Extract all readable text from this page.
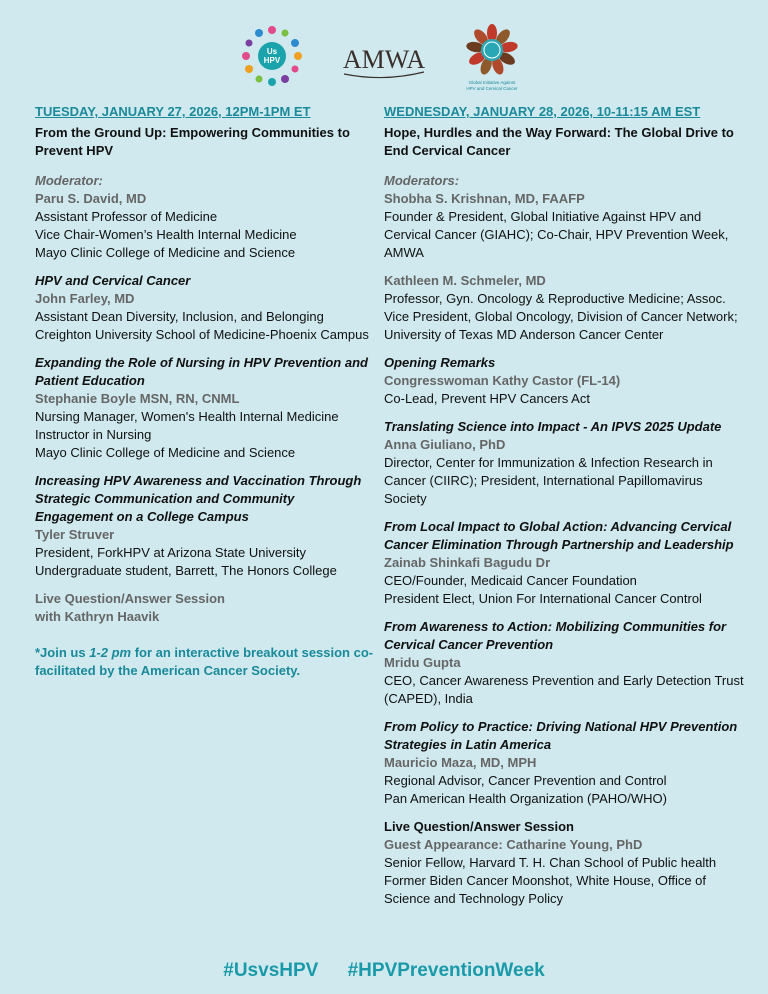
Us
HPV AMWA
Global Initiative Against
HPV and Cervical Cancer
TUESDAY, JANUARY 27, 2026, 12PM-1PM ET
From the Ground Up: Empowering Communities to Prevent HPV
Moderator:
Paru S. David, MD
Assistant Professor of Medicine
Vice Chair-Women’s Health Internal Medicine
Mayo Clinic College of Medicine and Science
HPV and Cervical Cancer
John Farley, MD
Assistant Dean Diversity, Inclusion, and Belonging
Creighton University School of Medicine-Phoenix Campus
Expanding the Role of Nursing in HPV Prevention and Patient Education
Stephanie Boyle MSN, RN, CNML
Nursing Manager, Women's Health Internal Medicine
Instructor in Nursing
Mayo Clinic College of Medicine and Science
Increasing HPV Awareness and Vaccination Through Strategic Communication and Community Engagement on a College Campus
Tyler Struver
President, ForkHPV at Arizona State University
Undergraduate student, Barrett, The Honors College
Live Question/Answer Session
with Kathryn Haavik
*Join us 1-2 pm for an interactive breakout session co-facilitated by the American Cancer Society.
WEDNESDAY, JANUARY 28, 2026, 10-11:15 AM EST
Hope, Hurdles and the Way Forward: The Global Drive to End Cervical Cancer
Moderators:
Shobha S. Krishnan, MD, FAAFP
Founder & President, Global Initiative Against HPV and Cervical Cancer (GIAHC); Co-Chair, HPV Prevention Week, AMWA
Kathleen M. Schmeler, MD
Professor, Gyn. Oncology & Reproductive Medicine; Assoc. Vice President, Global Oncology, Division of Cancer Network; University of Texas MD Anderson Cancer Center
Opening Remarks
Congresswoman Kathy Castor (FL-14)
Co-Lead, Prevent HPV Cancers Act
Translating Science into Impact - An IPVS 2025 Update
Anna Giuliano, PhD
Director, Center for Immunization & Infection Research in Cancer (CIIRC); President, International Papillomavirus Society
From Local Impact to Global Action: Advancing Cervical Cancer Elimination Through Partnership and Leadership
Zainab Shinkafi Bagudu Dr
CEO/Founder, Medicaid Cancer Foundation
President Elect, Union For International Cancer Control
From Awareness to Action: Mobilizing Communities for Cervical Cancer Prevention
Mridu Gupta
CEO, Cancer Awareness Prevention and Early Detection Trust (CAPED), India
From Policy to Practice: Driving National HPV Prevention Strategies in Latin America
Mauricio Maza, MD, MPH
Regional Advisor, Cancer Prevention and Control
Pan American Health Organization (PAHO/WHO)
Live Question/Answer Session
Guest Appearance: Catharine Young, PhD
Senior Fellow, Harvard T. H. Chan School of Public health
Former Biden Cancer Moonshot, White House, Office of Science and Technology Policy
#UsvsHPV #HPVPreventionWeek
